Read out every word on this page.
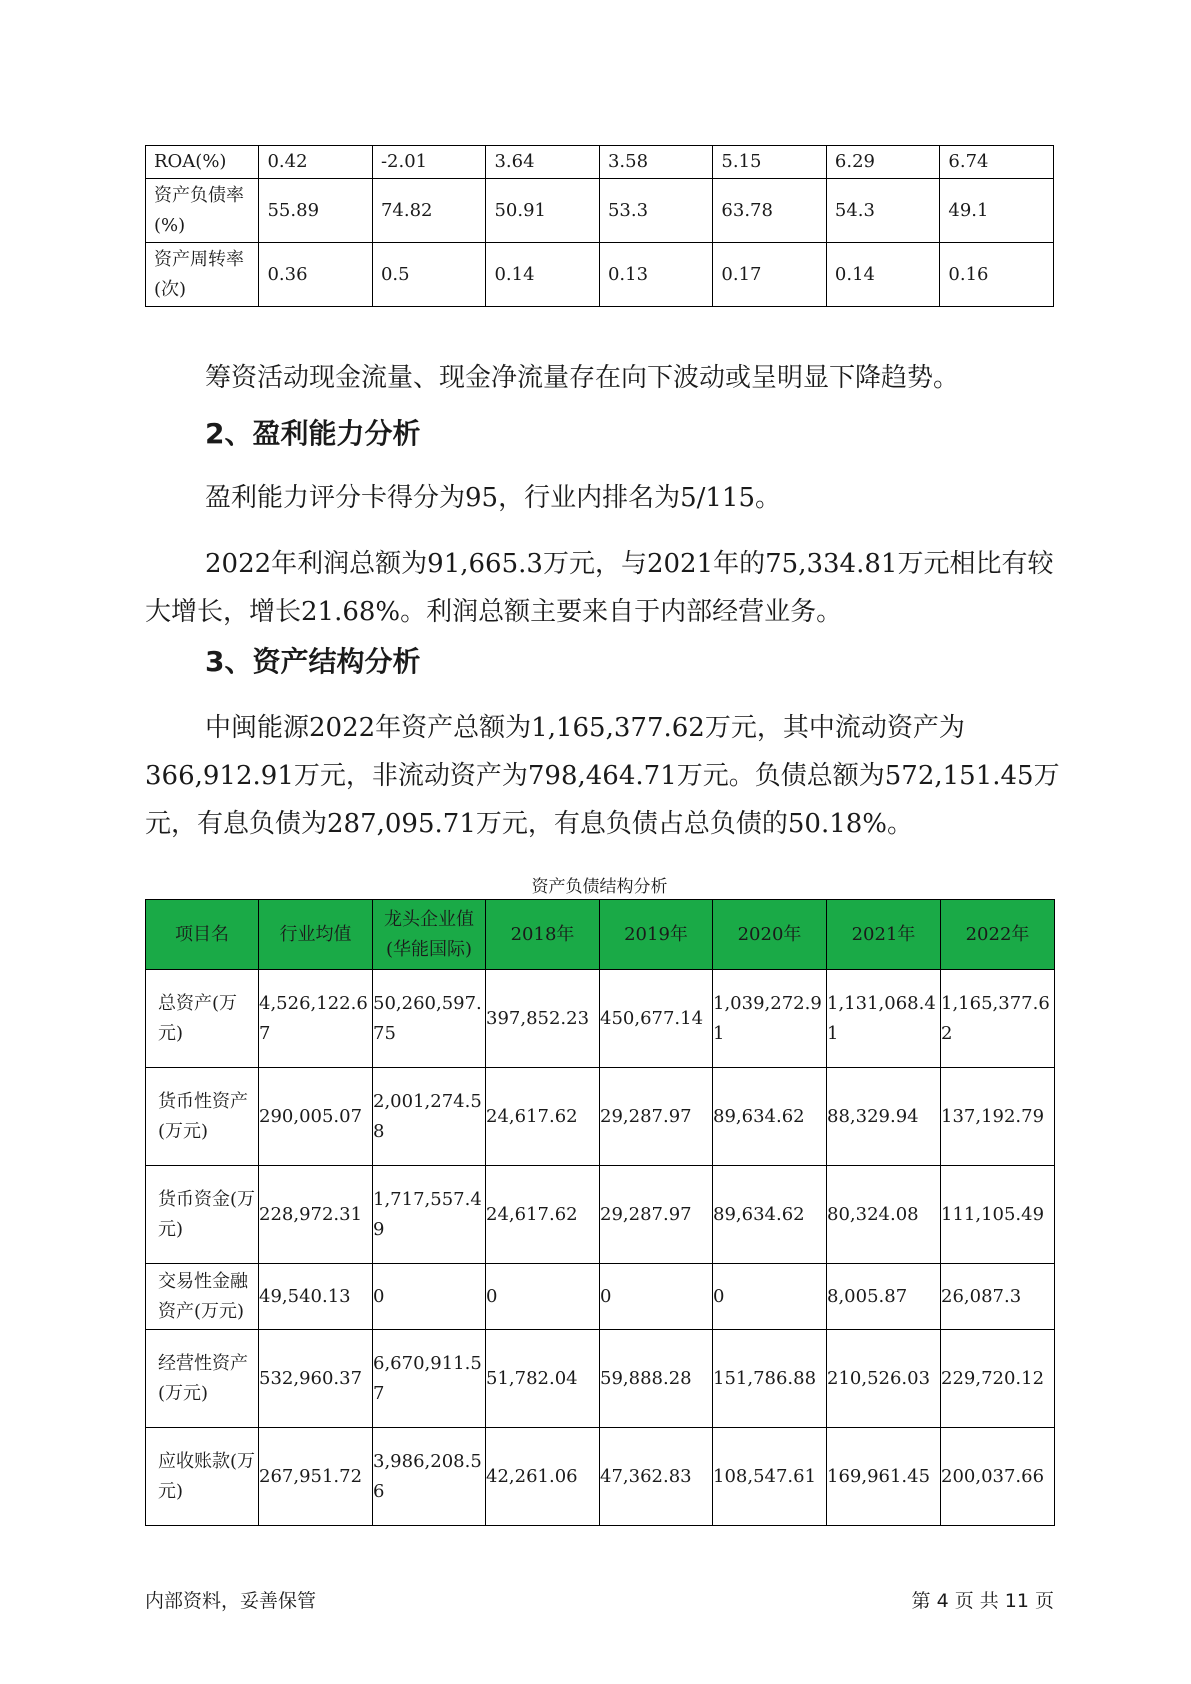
ROA(%)	0.42	-2.01	3.64	3.58	5.15	6.29	6.74
资产负债率(%)	55.89	74.82	50.91	53.3	63.78	54.3	49.1
资产周转率(次)	0.36	0.5	0.14	0.13	0.17	0.14	0.16
筹资活动现金流量、现金净流量存在向下波动或呈明显下降趋势。
2、盈利能力分析
盈利能力评分卡得分为95，行业内排名为5/115。
2022年利润总额为91,665.3万元，与2021年的75,334.81万元相比有较大增长，增长21.68%。利润总额主要来自于内部经营业务。
3、资产结构分析
中闽能源2022年资产总额为1,165,377.62万元，其中流动资产为366,912.91万元，非流动资产为798,464.71万元。负债总额为572,151.45万元，有息负债为287,095.71万元，有息负债占总负债的50.18%。
资产负债结构分析
项目名	行业均值	龙头企业值(华能国际)	2018年	2019年	2020年	2021年	2022年
总资产(万元)	4,526,122.67	50,260,597.75	397,852.23	450,677.14	1,039,272.91	1,131,068.41	1,165,377.62
货币性资产(万元)	290,005.07	2,001,274.58	24,617.62	29,287.97	89,634.62	88,329.94	137,192.79
货币资金(万元)	228,972.31	1,717,557.49	24,617.62	29,287.97	89,634.62	80,324.08	111,105.49
交易性金融资产(万元)	49,540.13	0	0	0	0	8,005.87	26,087.3
经营性资产(万元)	532,960.37	6,670,911.57	51,782.04	59,888.28	151,786.88	210,526.03	229,720.12
应收账款(万元)	267,951.72	3,986,208.56	42,261.06	47,362.83	108,547.61	169,961.45	200,037.66
内部资料，妥善保管	第 4 页 共 11 页
